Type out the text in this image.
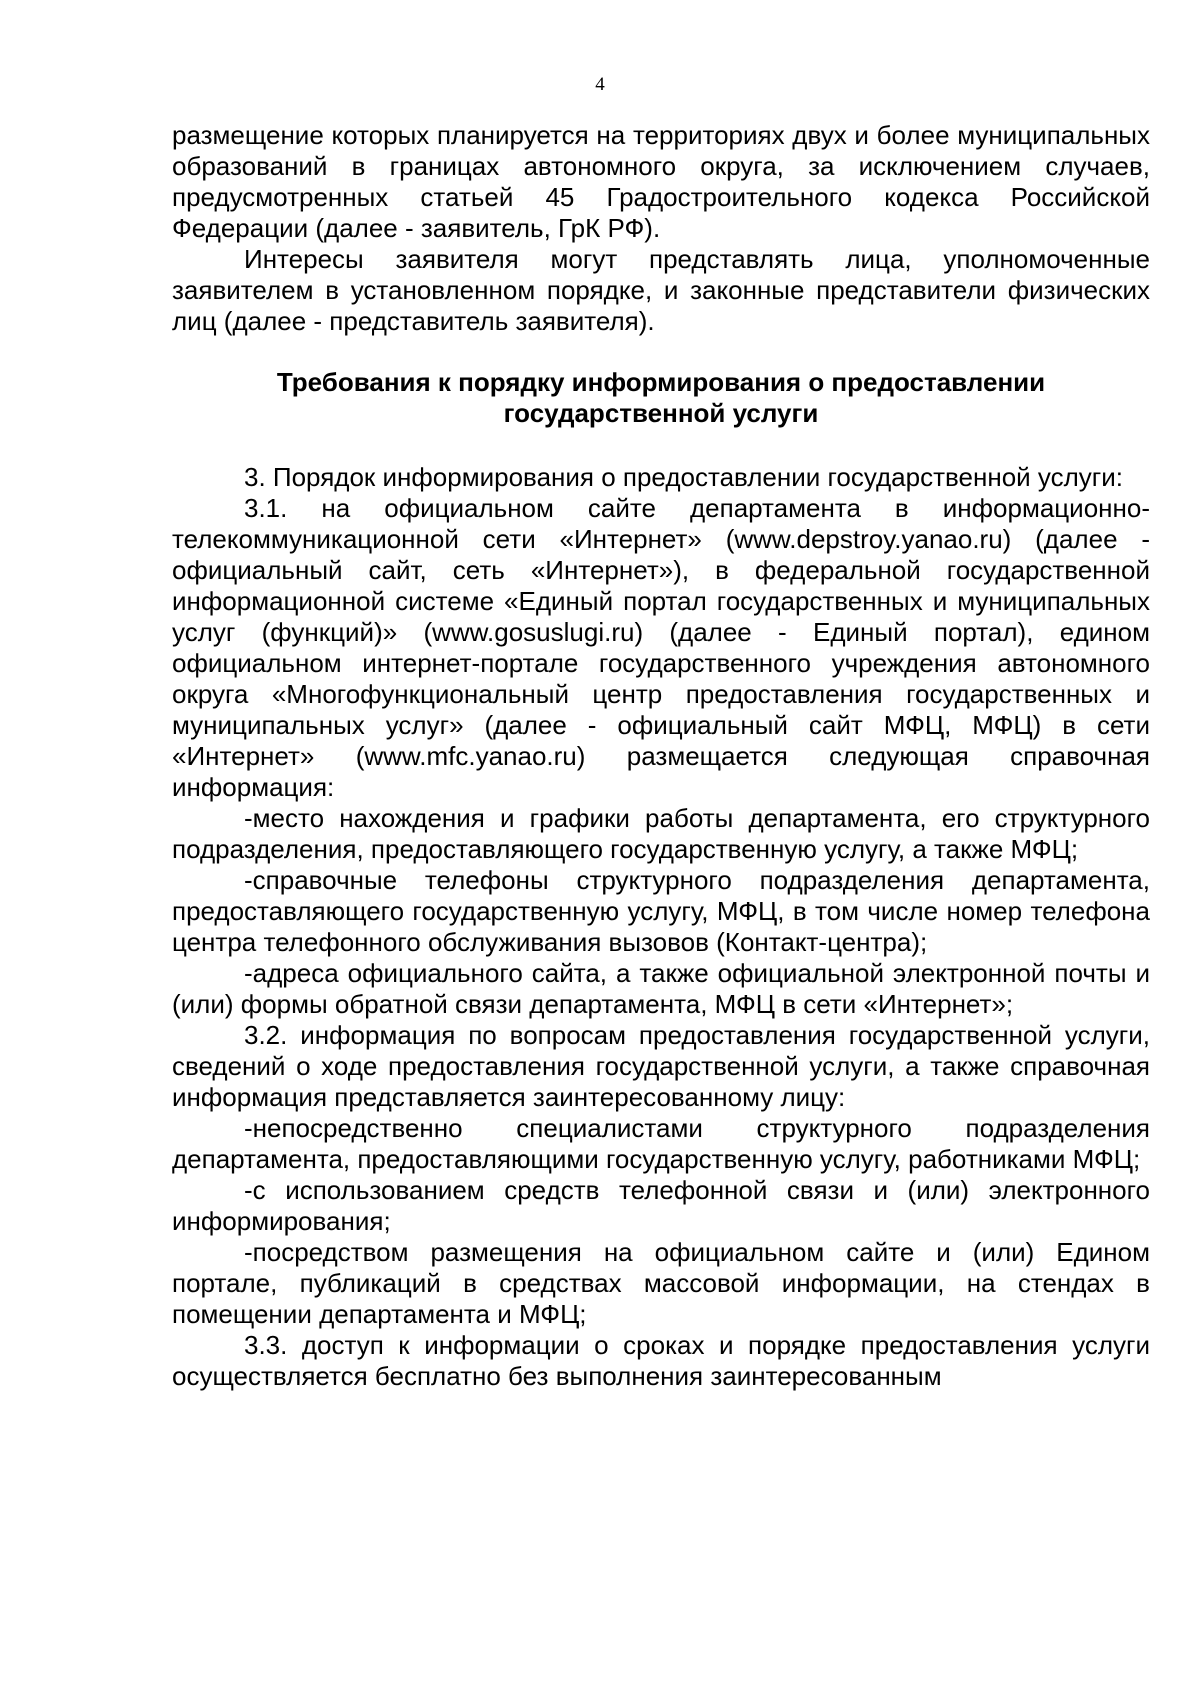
4

размещение которых планируется на территориях двух и более муниципальных образований в границах автономного округа, за исключением случаев, предусмотренных статьей 45 Градостроительного кодекса Российской Федерации (далее - заявитель, ГрК РФ).

Интересы заявителя могут представлять лица, уполномоченные заявителем в установленном порядке, и законные представители физических лиц (далее - представитель заявителя).

Требования к порядку информирования о предоставлении
государственной услуги

3. Порядок информирования о предоставлении государственной услуги:

3.1. на официальном сайте департамента в информационно-телекоммуникационной сети «Интернет» (www.depstroy.yanao.ru) (далее - официальный сайт, сеть «Интернет»), в федеральной государственной информационной системе «Единый портал государственных и муниципальных услуг (функций)» (www.gosuslugi.ru) (далее - Единый портал), едином официальном интернет-портале государственного учреждения автономного округа «Многофункциональный центр предоставления государственных и муниципальных услуг» (далее - официальный сайт МФЦ, МФЦ) в сети «Интернет» (www.mfc.yanao.ru) размещается следующая справочная информация:

-место нахождения и графики работы департамента, его структурного подразделения, предоставляющего государственную услугу, а также МФЦ;

-справочные телефоны структурного подразделения департамента, предоставляющего государственную услугу, МФЦ, в том числе номер телефона центра телефонного обслуживания вызовов (Контакт-центра);

-адреса официального сайта, а также официальной электронной почты и (или) формы обратной связи департамента, МФЦ в сети «Интернет»;

3.2. информация по вопросам предоставления государственной услуги, сведений о ходе предоставления государственной услуги, а также справочная информация представляется заинтересованному лицу:

-непосредственно специалистами структурного подразделения департамента, предоставляющими государственную услугу, работниками МФЦ;

-с использованием средств телефонной связи и (или) электронного информирования;

-посредством размещения на официальном сайте и (или) Едином портале, публикаций в средствах массовой информации, на стендах в помещении департамента и МФЦ;

3.3. доступ к информации о сроках и порядке предоставления услуги осуществляется бесплатно без выполнения заинтересованным
